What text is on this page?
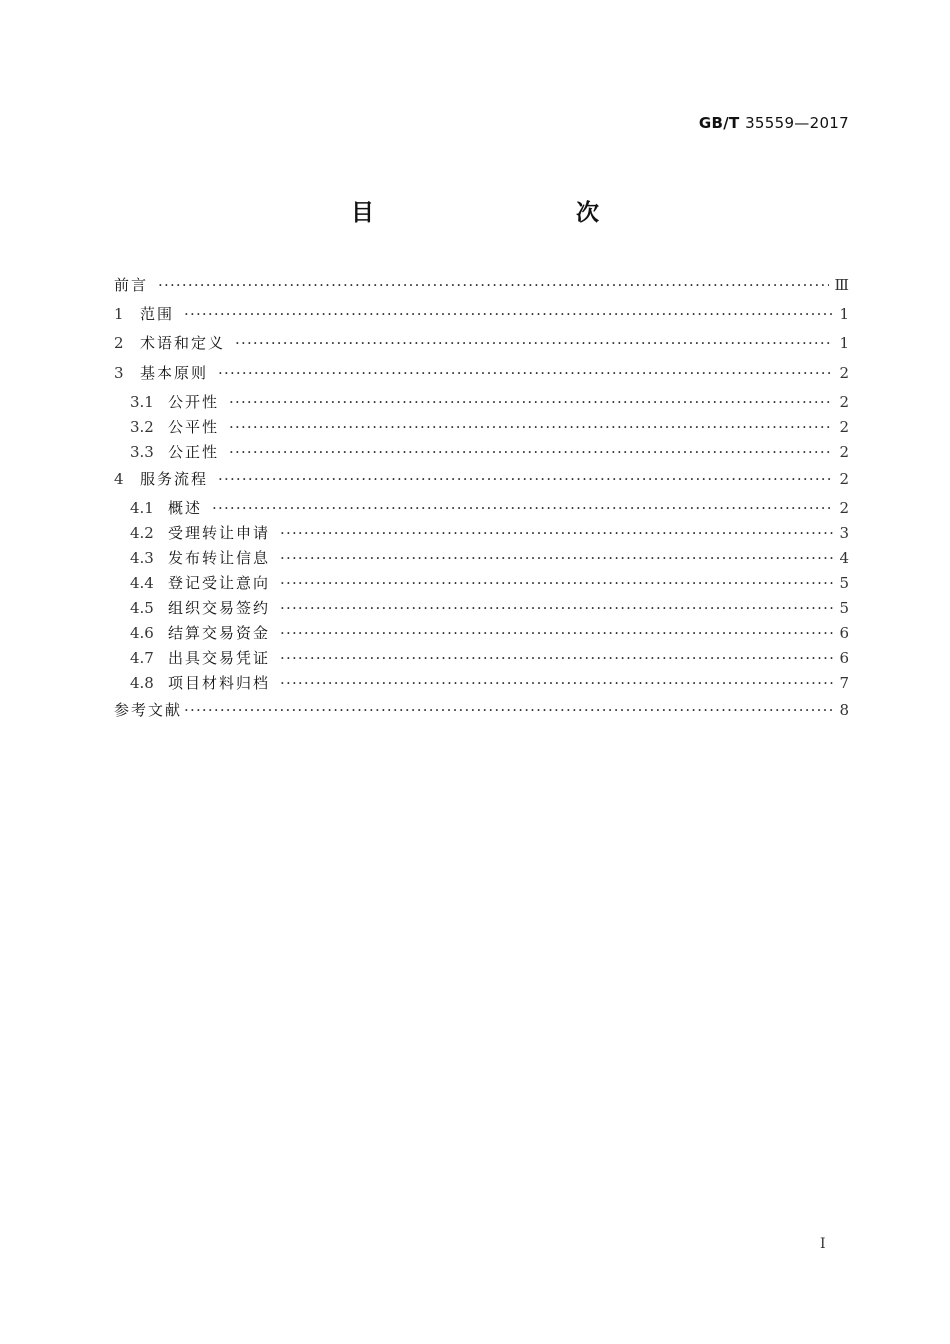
GB/T 35559—2017
目　　次
前言 ·····	Ⅲ
1	范围 ·····	1
2	术语和定义 ·····	1
3	基本原则 ·····	2
3.1 公开性 ·····	2
3.2 公平性 ·····	2
3.3 公正性 ·····	2
4	服务流程 ·····	2
4.1 概述 ·····	2
4.2 受理转让申请 ·····	3
4.3 发布转让信息 ·····	4
4.4 登记受让意向 ·····	5
4.5 组织交易签约 ·····	5
4.6 结算交易资金 ·····	6
4.7 出具交易凭证 ·····	6
4.8 项目材料归档 ·····	7
参考文献 ·····	8
Ⅰ
